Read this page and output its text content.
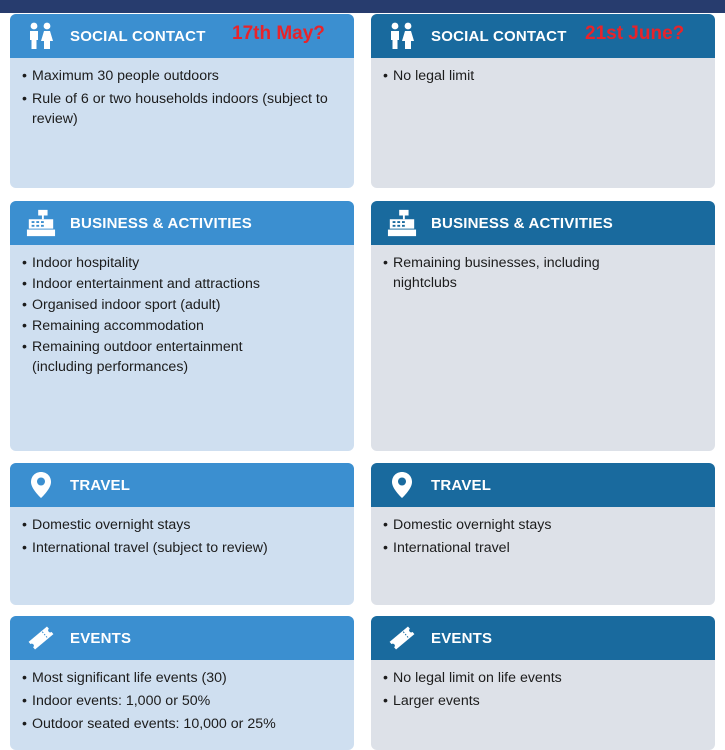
SOCIAL CONTACT 17th May?
• Maximum 30 people outdoors
• Rule of 6 or two households indoors (subject to review)
SOCIAL CONTACT 21st June?
• No legal limit
BUSINESS & ACTIVITIES
• Indoor hospitality
• Indoor entertainment and attractions
• Organised indoor sport (adult)
• Remaining accommodation
• Remaining outdoor entertainment (including performances)
BUSINESS & ACTIVITIES
• Remaining businesses, including nightclubs
TRAVEL
• Domestic overnight stays
• International travel (subject to review)
TRAVEL
• Domestic overnight stays
• International travel
EVENTS
• Most significant life events (30)
• Indoor events: 1,000 or 50%
• Outdoor seated events: 10,000 or 25%
EVENTS
• No legal limit on life events
• Larger events
